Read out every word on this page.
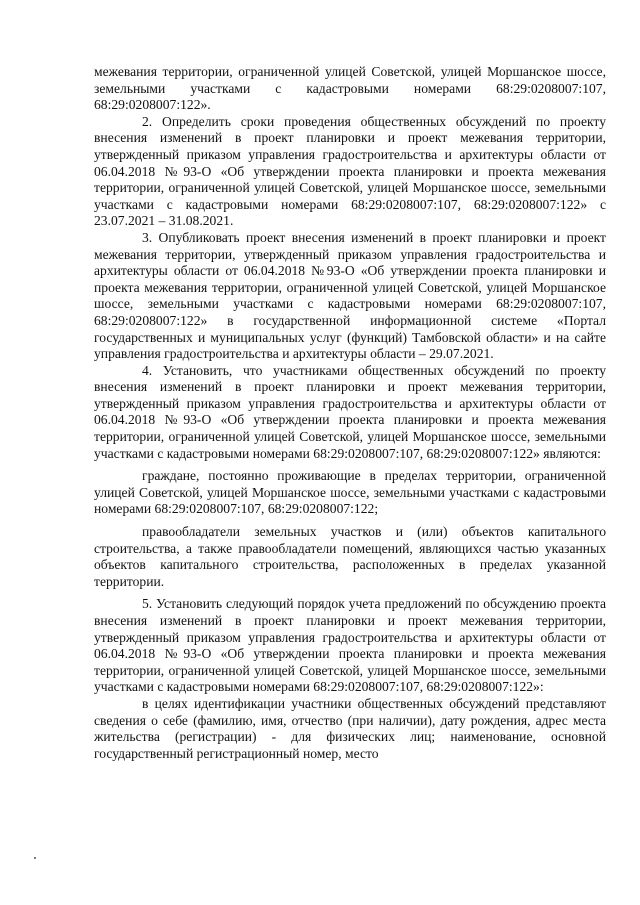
межевания территории, ограниченной улицей Советской, улицей Моршанское шоссе, земельными участками с кадастровыми номерами 68:29:0208007:107, 68:29:0208007:122».

2. Определить сроки проведения общественных обсуждений по проекту внесения изменений в проект планировки и проект межевания территории, утвержденный приказом управления градостроительства и архитектуры области от 06.04.2018 №93-О «Об утверждении проекта планировки и проекта межевания территории, ограниченной улицей Советской, улицей Моршанское шоссе, земельными участками с кадастровыми номерами 68:29:0208007:107, 68:29:0208007:122» с 23.07.2021 – 31.08.2021.

3. Опубликовать проект внесения изменений в проект планировки и проект межевания территории, утвержденный приказом управления градостроительства и архитектуры области от 06.04.2018 №93-О «Об утверждении проекта планировки и проекта межевания территории, ограниченной улицей Советской, улицей Моршанское шоссе, земельными участками с кадастровыми номерами 68:29:0208007:107, 68:29:0208007:122» в государственной информационной системе «Портал государственных и муниципальных услуг (функций) Тамбовской области» и на сайте управления градостроительства и архитектуры области – 29.07.2021.

4. Установить, что участниками общественных обсуждений по проекту внесения изменений в проект планировки и проект межевания территории, утвержденный приказом управления градостроительства и архитектуры области от 06.04.2018 №93-О «Об утверждении проекта планировки и проекта межевания территории, ограниченной улицей Советской, улицей Моршанское шоссе, земельными участками с кадастровыми номерами 68:29:0208007:107, 68:29:0208007:122» являются:

граждане, постоянно проживающие в пределах территории, ограниченной улицей Советской, улицей Моршанское шоссе, земельными участками с кадастровыми номерами 68:29:0208007:107, 68:29:0208007:122;

правообладатели земельных участков и (или) объектов капитального строительства, а также правообладатели помещений, являющихся частью указанных объектов капитального строительства, расположенных в пределах указанной территории.

5. Установить следующий порядок учета предложений по обсуждению проекта внесения изменений в проект планировки и проект межевания территории, утвержденный приказом управления градостроительства и архитектуры области от 06.04.2018 №93-О «Об утверждении проекта планировки и проекта межевания территории, ограниченной улицей Советской, улицей Моршанское шоссе, земельными участками с кадастровыми номерами 68:29:0208007:107, 68:29:0208007:122»:

в целях идентификации участники общественных обсуждений представляют сведения о себе (фамилию, имя, отчество (при наличии), дату рождения, адрес места жительства (регистрации) - для физических лиц; наименование, основной государственный регистрационный номер, место
